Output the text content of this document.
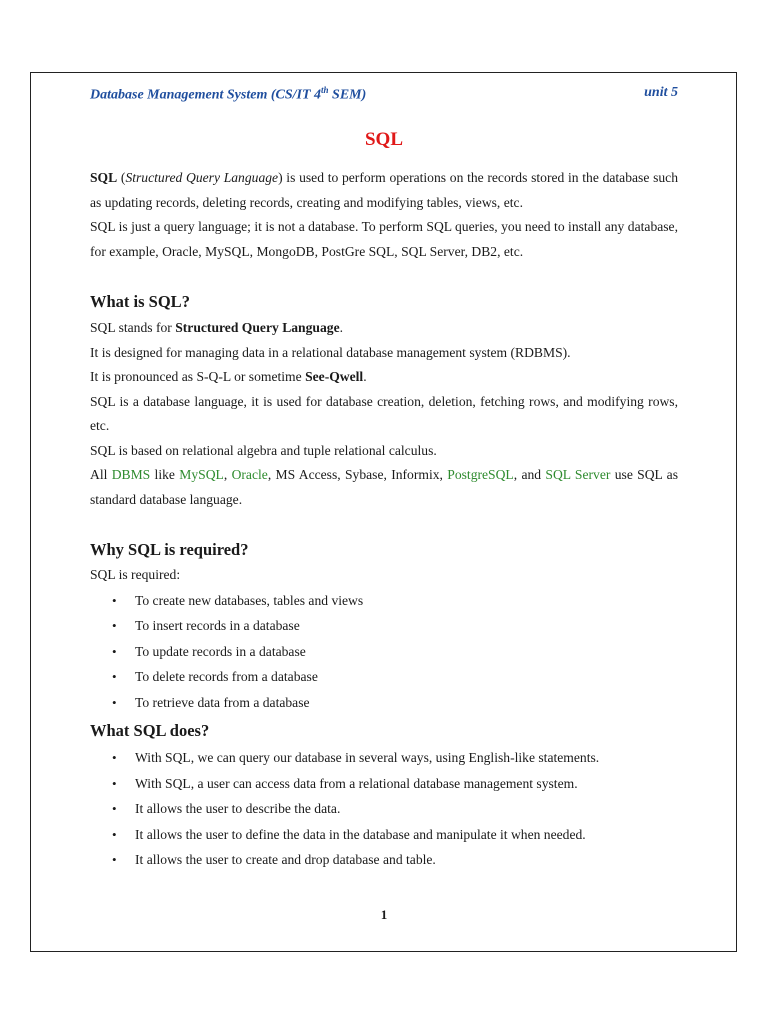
Database Management System (CS/IT 4th SEM)	unit 5
SQL

SQL (Structured Query Language) is used to perform operations on the records stored in the database such as updating records, deleting records, creating and modifying tables, views, etc.

SQL is just a query language; it is not a database. To perform SQL queries, you need to install any database, for example, Oracle, MySQL, MongoDB, PostGre SQL, SQL Server, DB2, etc.

What is SQL?

SQL stands for Structured Query Language.

It is designed for managing data in a relational database management system (RDBMS).

It is pronounced as S-Q-L or sometime See-Qwell.

SQL is a database language, it is used for database creation, deletion, fetching rows, and modifying rows, etc.

SQL is based on relational algebra and tuple relational calculus.

All DBMS like MySQL, Oracle, MS Access, Sybase, Informix, PostgreSQL, and SQL Server use SQL as standard database language.

Why SQL is required?

SQL is required:

• To create new databases, tables and views
• To insert records in a database
• To update records in a database
• To delete records from a database
• To retrieve data from a database
What SQL does?
• With SQL, we can query our database in several ways, using English-like statements.
• With SQL, a user can access data from a relational database management system.
• It allows the user to describe the data.
• It allows the user to define the data in the database and manipulate it when needed.
• It allows the user to create and drop database and table.
1
